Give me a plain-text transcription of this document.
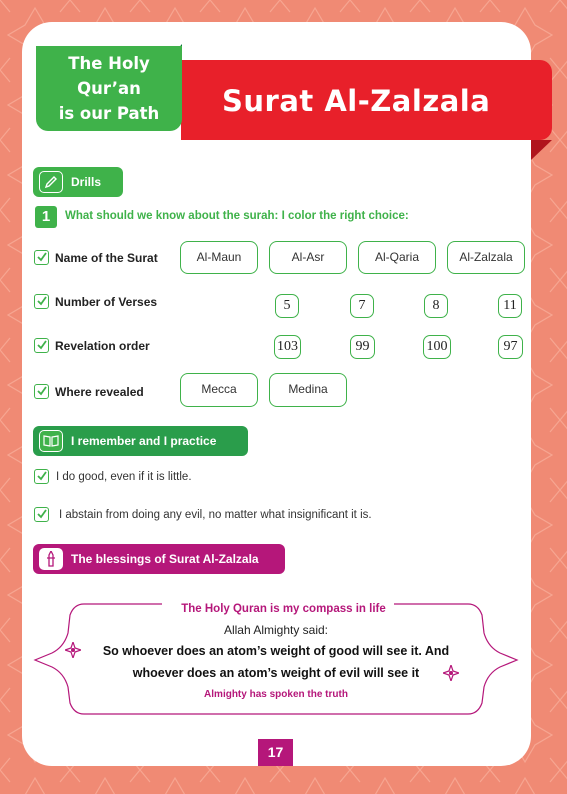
The Holy Qur’an
is our Path	Surat Al-Zalzala
Drills
1	What should we know about the surah: I color the right choice:
Name of the Surat	Al-Maun	Al-Asr	Al-Qaria	Al-Zalzala
Number of Verses	5	7	8	11
Revelation order	103	99	100	97
Where revealed	Mecca	Medina
I remember and I practice
I do good, even if it is little.
I abstain from doing any evil, no matter what insignificant it is.
The blessings of Surat Al-Zalzala
The Holy Quran is my compass in life
Allah Almighty said:
So whoever does an atom’s weight of good will see it. And
whoever does an atom’s weight of evil will see it
Almighty has spoken the truth
17
